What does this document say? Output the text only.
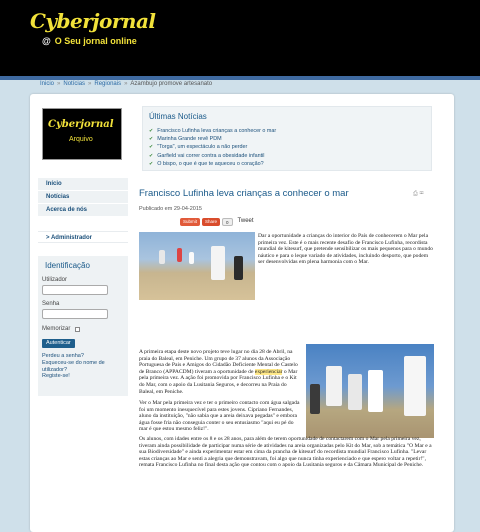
Cyberjornal
@ O Seu jornal online
Inicio » Notícias » Regionais » Azambujo promove artesanato
Cyberjornal
Arquivo
Últimas Notícias
✔ Francisco Lufinha leva crianças a conhecer o mar
✔ Marinha Grande revê PDM
✔ "Torga", um espectáculo a não perder
✔ Garfield vai correr contra a obesidade infantil
✔ O bispo, o que é que te aqueceu o coração?
Início
Notícias
Acerca de nós
> Administrador
Identificação
Utilizador
Senha
Memorizar
Autenticar
Perdeu a senha?
Esqueceu-se do nome de utilizador?
Registe-se!
Francisco Lufinha leva crianças a conhecer o mar	⎙ ✉
Publicado em 29-04-2015
Submit Share 0 Tweet
Dar a oportunidade a crianças do interior do País de conhecerem o Mar pela primeira vez. Este é o mais recente desafio de Francisco Lufinha, recordista mundial de kitesurf, que pretende sensibilizar os mais pequenos para o mundo náutico e para o leque variado de atividades, incluindo desporto, que podem ser desenvolvidas em plena harmonia com o Mar.
A primeira etapa deste novo projeto teve lugar no dia 28 de Abril, na praia do Baleal, em Peniche. Um grupo de 37 alunos da Associação Portuguesa de Pais e Amigos do Cidadão Deficiente Mental de Castelo de Branco (APPACDM) tiveram a oportunidade de experienciar o Mar pela primeira vez. A ação foi promovida por Francisco Lufinha e o Kit do Mar, com o apoio da Lusitania Seguros, e decorreu na Praia do Baleal, em Peniche.
Ver o Mar pela primeira vez e ter o primeiro contacto com água salgada foi um momento inesquecível para estes jovens. Cipriano Fernandes, aluno da instituição, "não sabia que a areia deixava pegadas" e embora água fosse fria não conseguia conter o seu entusiasmo "aqui eu pé do mar é que estou mesmo feliz!".
Os alunos, com idades entre os 8 e os 28 anos, para além de terem oportunidade de contactarem com o Mar pela primeira vez, tiveram ainda possibilidade de participar numa série de atividades na areia organizadas pelo Kit do Mar, sob a temática "O Mar e a sua Biodiversidade" e ainda experimentar estar em cima da prancha de kitesurf do recordista mundial Francisco Lufinha. "Levar estas crianças ao Mar e senti a alegria que demonstravam, foi algo que nunca tinha experienciado e que espero voltar a repetir!", remata Francisco Lufinha no final desta ação que contou com o apoio da Lusitania seguros e da Câmara Municipal de Peniche.
